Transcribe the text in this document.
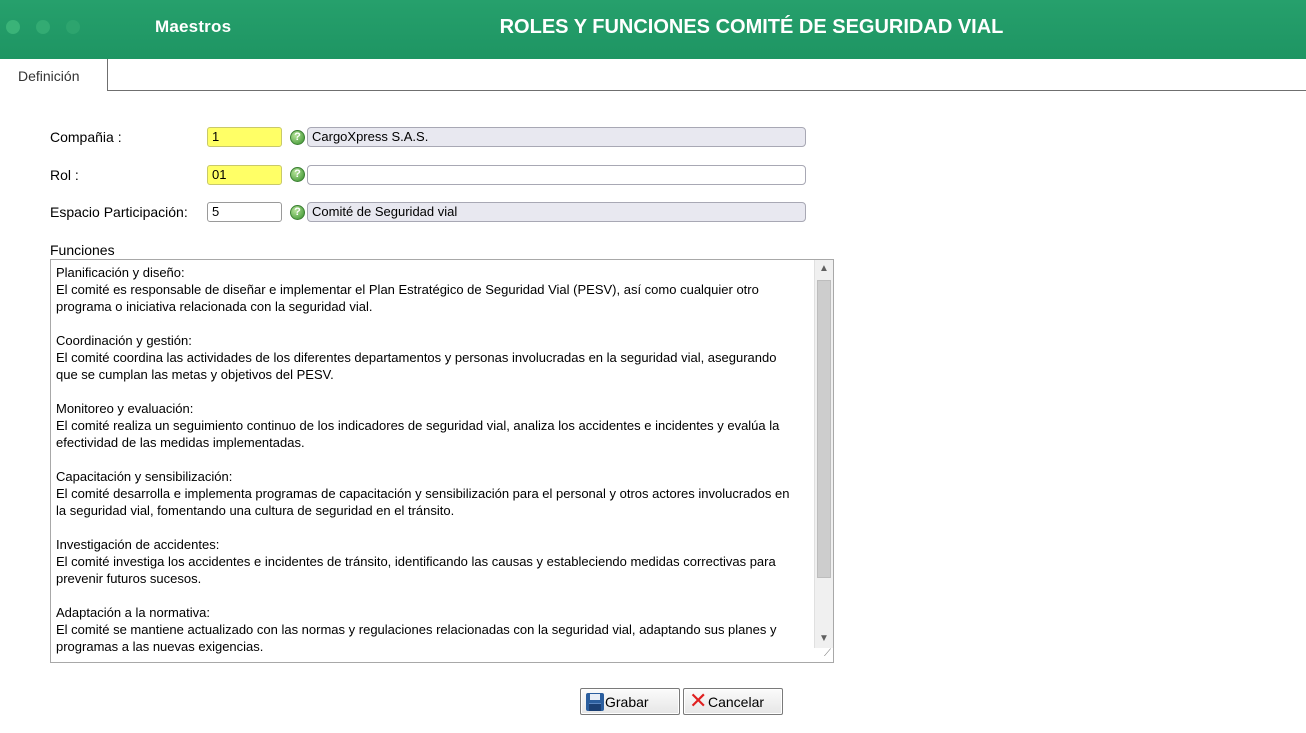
Maestros	ROLES Y FUNCIONES COMITÉ DE SEGURIDAD VIAL
Definición
Compañia :	1	? CargoXpress S.A.S.
Rol :	01	?
Espacio Participación:	5	? Comité de Seguridad vial
Funciones
Planificación y diseño:
El comité es responsable de diseñar e implementar el Plan Estratégico de Seguridad Vial (PESV), así como cualquier otro
programa o iniciativa relacionada con la seguridad vial.

Coordinación y gestión:
El comité coordina las actividades de los diferentes departamentos y personas involucradas en la seguridad vial, asegurando
que se cumplan las metas y objetivos del PESV.

Monitoreo y evaluación:
El comité realiza un seguimiento continuo de los indicadores de seguridad vial, analiza los accidentes e incidentes y evalúa la
efectividad de las medidas implementadas.

Capacitación y sensibilización:
El comité desarrolla e implementa programas de capacitación y sensibilización para el personal y otros actores involucrados en
la seguridad vial, fomentando una cultura de seguridad en el tránsito.

Investigación de accidentes:
El comité investiga los accidentes e incidentes de tránsito, identificando las causas y estableciendo medidas correctivas para
prevenir futuros sucesos.

Adaptación a la normativa:
El comité se mantiene actualizado con las normas y regulaciones relacionadas con la seguridad vial, adaptando sus planes y
programas a las nuevas exigencias.
▲
▼
⟋
Grabar ✕ Cancelar
